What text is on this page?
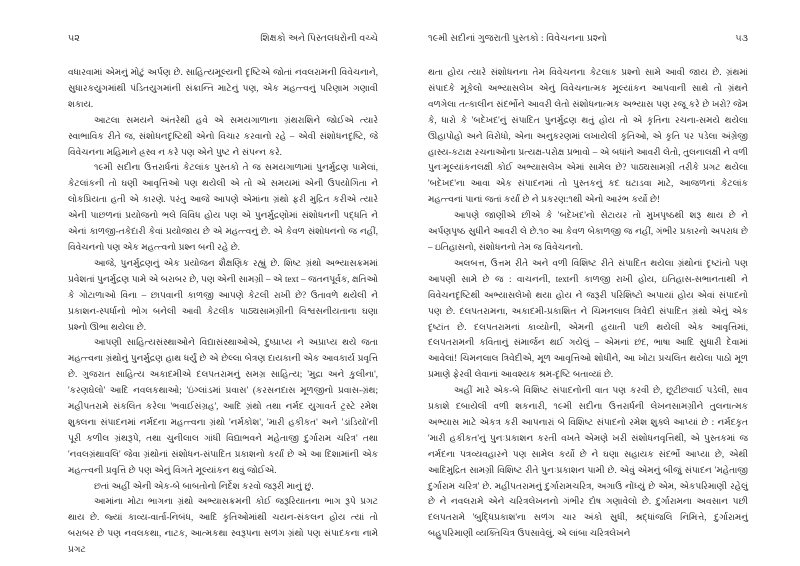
૫૨	શિક્ષકો અને પિસ્તલધરોની વચ્ચે

વધારવામાં એમનું મોટું અર્પણ છે. સાહિત્યમૂલ્યની દૃષ્ટિએ જોતાં નવલરામની વિવેચનાને, સુધારકયુગમાંથી પંડિતયુગમાંની સંક્રાન્તિ માટેનું પણ, એક મહત્ત્વનું પરિણામ ગણાવી શકાય.

આટલા સમયને અંતરેથી હવે એ સમયગાળાના ગ્રંથરાશિને જોઈએ ત્યારે સ્વાભાવિક રીતે જ, સંશોધનદૃષ્ટિથી એનો વિચાર કરવાનો રહે – એવી સંશોધનદૃષ્ટિ, જે વિવેચનના મહિમાને હ્રસ્વ ન કરે પણ એને પુષ્ટ ને સંપન્ન કરે.

૧૯મી સદીના ઉત્તરાર્ધનાં કેટલાંક પુસ્તકો તે જ સમયગાળામાં પુનર્મુદ્રણ પામેલાં, કેટલાંકની તો ઘણી આવૃત્તિઓ પણ થયેલી એ તો એ સમયમાં એની ઉપયોગિતા ને લોકપ્રિયતા હતી એ કારણે. પરંતુ આજે આપણે એમાંના ગ્રંથો ફરી મુદ્રિત કરીએ ત્યારે એની પાછળનાં પ્રયોજનો ભલે વિવિધ હોય પણ એ પુનર્મુદ્રણોમાં સંશોધનની પદ્ધતિ ને એનાં કાળજી-તકેદારી કેવાં પ્રયોજાય છે એ મહત્ત્વનું છે. એ કેવળ સંશોધનનો જ નહીં, વિવેચનનો પણ એક મહત્ત્વનો પ્રશ્ન બની રહે છે.

આજે, પુનર્મુદ્રણનું એક પ્રયોજન શૈક્ષણિક રહ્યું છે. શિષ્ટ ગ્રંથો અભ્યાસક્રમમાં પ્રવેશતાં પુનર્મુદ્રણ પામે એ બરાબર છે, પણ એની સામગ્રી – એ text – જતનપૂર્વક, ક્ષતિઓ કે ગોટાળાઓ વિના – છાપવાની કાળજી આપણે કેટલી રાખી છે? ઉતાવળે થયેલી ને પ્રકાશન-સ્પર્ધાનો ભોગ બનેલી આવી કેટલીક પાઠ્યસામગ્રીની વિશ્વસનીયતાના ઘણા પ્રશ્નો ઊભા થયેલા છે.

આપણી સાહિત્યસંસ્થાઓને વિદ્યાસંસ્થાઓએ, દુષ્પ્રાપ્ય ને અપ્રાપ્ય થયે જતા મહત્ત્વના ગ્રંથોનું પુનર્મુદ્રણ હાથ ધર્યું છે એ છેલ્લા બેત્રણ દાયકાની એક આવકાર્ય પ્રવૃત્તિ છે. ગુજરાત સાહિત્ય અકાદમીએ દલપતરામનું સમગ્ર સાહિત્ય; 'મુદ્રા અને કુલીના', 'કરણઘેલો' આદિ નવલકથાઓ; 'ઇંગ્લાંડમાં પ્રવાસ' (કરસનદાસ મૂળજીનો પ્રવાસ-ગ્રંથ; મહીપતરામે સંકલિત કરેલા 'ભવાઈસંગ્રહ', આદિ ગ્રંથો તથા નર્મદ યુગાવર્ત ટ્રસ્ટે રમેશ શુક્લના સંપાદનમાં નર્મદના મહત્ત્વના ગ્રંથો 'નર્મકોશ', 'મારી હકીકત' અને 'ડાંડિયો'ની પૂરી કળીલ ગ્રંથરૂપે, તથા ચુનીલાલ ગાંધી વિદ્યાભવને મહેતાજી દુર્ગારામ ચરિત્ર' તથા 'નવલગ્રંથાવલિ' જેવા ગ્રંથોનાં સંશોધન-સંપાદિત પ્રકાશનો કર્યાં છે એ આ દિશામાંની એક મહત્ત્વની પ્રવૃત્તિ છે પણ એનું વિગતે મૂલ્યાંકન થવું જોઈએ.

છતાં અહીં એની એક-બે બાબતોનો નિર્દેશ કરવો જરૂરી માનું છું.

આમાંના મોટા ભાગના ગ્રંથો અભ્યાસક્રમની કોઈ જરૂરિયાતના ભાગ રૂપે પ્રગટ થાય છે. જ્યાં કાવ્ય-વાર્તા-નિબંધ, આદિ કૃતિઓમાંથી ચયન-સંકલન હોય ત્યાં તો બરાબર છે પણ નવલકથા, નાટક, આત્મકથા સ્વરૂપના સળંગ ગ્રંથો પણ સંપાદકના નામે પ્રગટ

૧૯મી સદીનાં ગુજરાતી પુસ્તકો : વિવેચનના પ્રશ્નો	૫૩

થતા હોય ત્યારે સંશોધનના તેમ વિવેચનના કેટલાક પ્રશ્નો સામે આવી જાય છે. ગ્રંથમાં સંપાદકે મૂકેલો અભ્યાસલેખ એનું વિવેચનાત્મક મૂલ્યાંકન આપવાની સાથે તો ગ્રંથને વળગેલા તત્કાલીન સંદર્ભોને આવરી લેતો સંશોધનાત્મક અભ્યાસ પણ રજૂ કરે છે ખરો? જેમ કે, ધારો કે 'બદેખદ'નું સંપાદિત પુનર્મુદ્રણ થતું હોય તો એ કૃતિના રચના-સમયે થયેલા ઊહાપોહો અને વિરોધો, એના અનુકરણમાં લખાયેલી કૃતિઓ, એ કૃતિ પર પડેલા અંગ્રેજી હાસ્ય-કટાક્ષ રચનાઓના પ્રત્યક્ષ-પરોક્ષ પ્રભાવો – એ બધાંને આવરી લેતો, તુલનાલક્ષી ને વળી પુનઃમૂલ્યાંકનલક્ષી કોઈ અભ્યાસલેખ એમાં સામેલ છે? પાઠ્યસામગ્રી તરીકે પ્રગટ થયેલા 'બદેખદ'ના આવા એક સંપાદનમાં તો પુસ્તકનું કદ ઘટાડવા માટે, આજળનાં કેટલાંક મહત્ત્વનાં પાનાં જતાં કર્યાં છે ને પ્રકરણ:૧થી એનો આરંભ કર્યો છે!

આપણે જાણીએ છીએ કે 'બદેખદ'નો સેટાયર તો મુખપૃષ્ઠથી શરૂ થાય છે ને અર્પણપૃષ્ઠ સુધીને આવરી લે છે.૧૦ આ કેવળ બેકાળજી જ નહીં, ગંભીર પ્રકારનો અપરાધ છે – ઇતિહાસનો, સંશોધનનો તેમ જ વિવેચનનો.

અલબત્ત, ઉત્તમ રીતે અને વળી વિશિષ્ટ રીતે સંપાદિત થયેલા ગ્રંથોનાં દૃષ્ટાંતો પણ આપણી સામે છે જ : વાચનની, textની કાળજી રાખી હોય, ઇતિહાસ-સભાનતાથી ને વિવેચનદૃષ્ટિથી અભ્યાસલેખો થયા હોય ને જરૂરી પરિશિષ્ટો અપાયાં હોય એવાં સંપાદનો પણ છે. દલપતરામના, અકાદમી-પ્રકાશિત ને ચિમનલાલ ત્રિવેદી સંપાદિત ગ્રંથો એનું એક દૃષ્ટાંત છે. દલપતરામનાં કાવ્યોની, એમની હયાતી પછી થયેલી એક આવૃત્તિમાં, દલપતરામની કવિતાનું સંમાર્જન થઈ ગયેલું – એમનાં છંદ, ભાષા આદિ સુધારી દેવામાં આવેલાં! ચિમનલાલ ત્રિવેદીએ, મૂળ આવૃત્તિઓ શોધીને, આ ખોટા પ્રચલિત થયેલા પાઠો મૂળ પ્રમાણે ફેરવી લેવાનાં આવશ્યક શ્રમ-દૃષ્ટિ બતાવ્યાં છે.

અહીં મારે એક-બે વિશિષ્ટ સંપાદનોની વાત પણ કરવી છે, છૂટીછવાઈ પડેલી, સાવ પ્રકાશે દબાયેલી વળી શકનારી, ૧૯મી સદીના ઉત્તરાર્ધની લેખનસામગ્રીને તુલનાત્મક અભ્યાસ માટે એકત્ર કરી આપનારાં બે વિશિષ્ટ સંપાદનો રમેશ શુક્લે આપ્યાં છે : નર્મદકૃત 'મારી હકીકત'નું પુનઃપ્રકાશન કરતી વખતે એમણે ખરી સંશોધનવૃત્તિથી, એ પુસ્તકમાં જ નર્મદના પત્રવ્યવહારને પણ સામેલ કર્યો છે ને ઘણા સહાયક સંદર્ભો આપ્યા છે, એથી આદિમુદ્રિત સામગ્રી વિશિષ્ટ રીતે પુનઃપ્રકાશન પામી છે. એવું એમનું બીજું સંપાદન 'મહેતાજી દુર્ગારામ ચરિત્ર' છે. મહીપતરામનું દુર્ગારામચરિત્ર, અગાઉ નોંધ્યું છે એમ, એકપરિમાણી રહેલું છે ને નવલરામે એને ચરિત્રલેખનનો ગંભીર દોષ ગણાવેલો છે. દુર્ગારામના અવસાન પછી દલપતરામે 'બુદ્ધિપ્રકાશ'ના સળંગ ચાર અંકો સુધી, શ્રદ્ધાંજલિ નિમિત્તે, દુર્ગારામનું બહુપરિમાણી વ્યક્તિચિત્ર ઉપસાવેલું. એ લાંબા ચરિત્રલેખને
